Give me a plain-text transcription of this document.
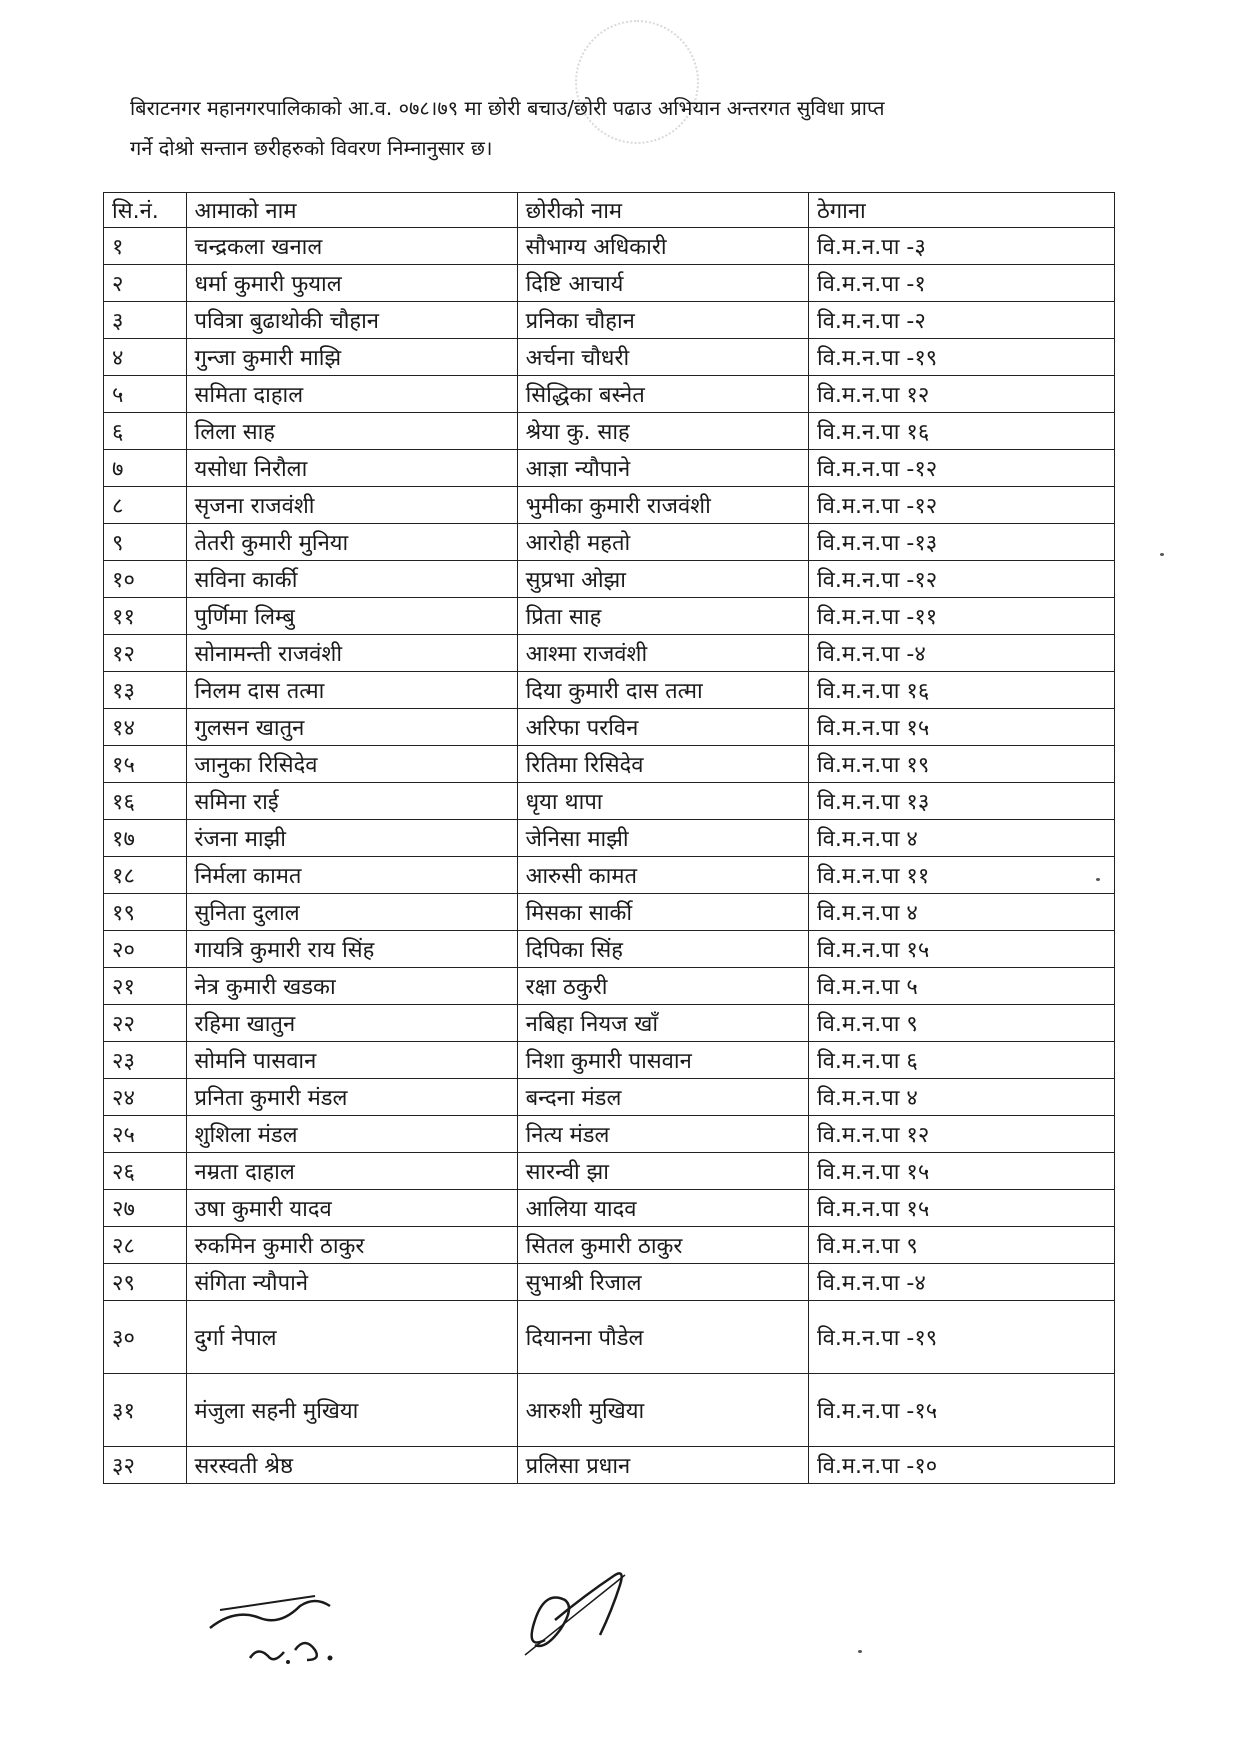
बिराटनगर महानगरपालिकाको आ.व. ०७८।७९ मा छोरी बचाउ/छोरी पढाउ अभियान अन्तरगत सुविधा प्राप्त

गर्ने दोश्रो सन्तान छरीहरुको विवरण निम्नानुसार छ।

सि.नं.	आमाको नाम	छोरीको नाम	ठेगाना
१	चन्द्रकला खनाल	सौभाग्य अधिकारी	वि.म.न.पा -३
२	धर्मा कुमारी फुयाल	दिष्टि आचार्य	वि.म.न.पा -१
३	पवित्रा बुढाथोकी चौहान	प्रनिका चौहान	वि.म.न.पा -२
४	गुन्जा कुमारी माझि	अर्चना चौधरी	वि.म.न.पा -१९
५	समिता दाहाल	सिद्धिका बस्नेत	वि.म.न.पा १२
६	लिला साह	श्रेया कु. साह	वि.म.न.पा १६
७	यसोधा निरौला	आज्ञा न्यौपाने	वि.म.न.पा -१२
८	सृजना राजवंशी	भुमीका कुमारी राजवंशी	वि.म.न.पा -१२
९	तेतरी कुमारी मुनिया	आरोही महतो	वि.म.न.पा -१३
१०	सविना कार्की	सुप्रभा ओझा	वि.म.न.पा -१२
११	पुर्णिमा लिम्बु	प्रिता साह	वि.म.न.पा -११
१२	सोनामन्ती राजवंशी	आश्मा राजवंशी	वि.म.न.पा -४
१३	निलम दास तत्मा	दिया कुमारी दास तत्मा	वि.म.न.पा १६
१४	गुलसन खातुन	अरिफा परविन	वि.म.न.पा १५
१५	जानुका रिसिदेव	रितिमा रिसिदेव	वि.म.न.पा १९
१६	समिना राई	धृया थापा	वि.म.न.पा १३
१७	रंजना माझी	जेनिसा माझी	वि.म.न.पा ४
१८	निर्मला कामत	आरुसी कामत	वि.म.न.पा ११
१९	सुनिता दुलाल	मिसका सार्की	वि.म.न.पा ४
२०	गायत्रि कुमारी राय सिंह	दिपिका सिंह	वि.म.न.पा १५
२१	नेत्र कुमारी खडका	रक्षा ठकुरी	वि.म.न.पा ५
२२	रहिमा खातुन	नबिहा नियज खाँ	वि.म.न.पा ९
२३	सोमनि पासवान	निशा कुमारी पासवान	वि.म.न.पा ६
२४	प्रनिता कुमारी मंडल	बन्दना मंडल	वि.म.न.पा ४
२५	शुशिला मंडल	नित्य मंडल	वि.म.न.पा १२
२६	नम्रता दाहाल	सारन्वी झा	वि.म.न.पा १५
२७	उषा कुमारी यादव	आलिया यादव	वि.म.न.पा १५
२८	रुकमिन कुमारी ठाकुर	सितल कुमारी ठाकुर	वि.म.न.पा ९
२९	संगिता न्यौपाने	सुभाश्री रिजाल	वि.म.न.पा -४
३०	दुर्गा नेपाल	दियानना पौडेल	वि.म.न.पा -१९
३१	मंजुला सहनी मुखिया	आरुशी मुखिया	वि.म.न.पा -१५
३२	सरस्वती श्रेष्ठ	प्रलिसा प्रधान	वि.म.न.पा -१०
